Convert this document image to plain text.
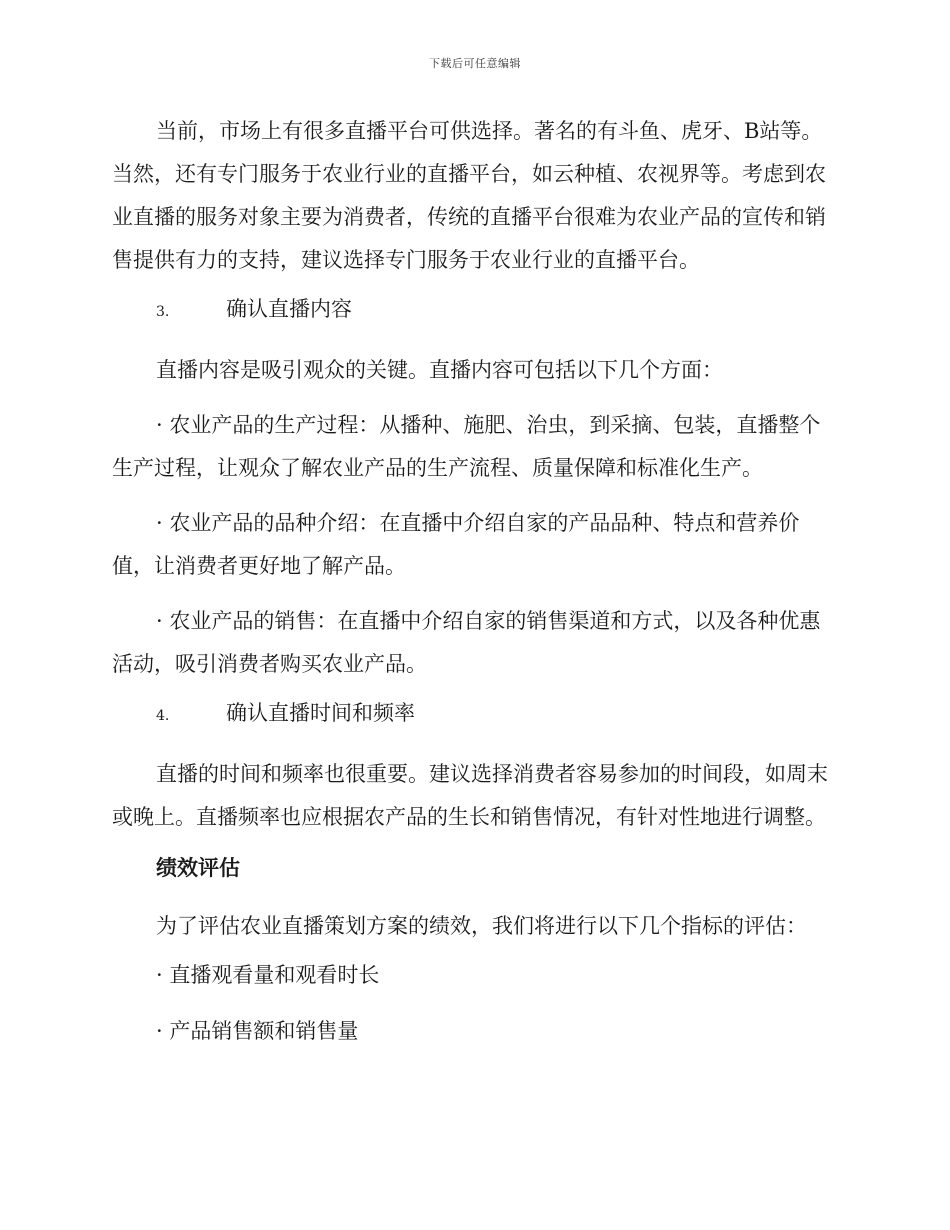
下载后可任意编辑

当前，市场上有很多直播平台可供选择。著名的有斗鱼、虎牙、B站等。当然，还有专门服务于农业行业的直播平台，如云种植、农视界等。考虑到农业直播的服务对象主要为消费者，传统的直播平台很难为农业产品的宣传和销售提供有力的支持，建议选择专门服务于农业行业的直播平台。

3.	确认直播内容

直播内容是吸引观众的关键。直播内容可包括以下几个方面：

· 农业产品的生产过程：从播种、施肥、治虫，到采摘、包装，直播整个生产过程，让观众了解农业产品的生产流程、质量保障和标准化生产。

· 农业产品的品种介绍：在直播中介绍自家的产品品种、特点和营养价值，让消费者更好地了解产品。

· 农业产品的销售：在直播中介绍自家的销售渠道和方式，以及各种优惠活动，吸引消费者购买农业产品。

4.	确认直播时间和频率

直播的时间和频率也很重要。建议选择消费者容易参加的时间段，如周末或晚上。直播频率也应根据农产品的生长和销售情况，有针对性地进行调整。

绩效评估

为了评估农业直播策划方案的绩效，我们将进行以下几个指标的评估：

· 直播观看量和观看时长
· 产品销售额和销售量
